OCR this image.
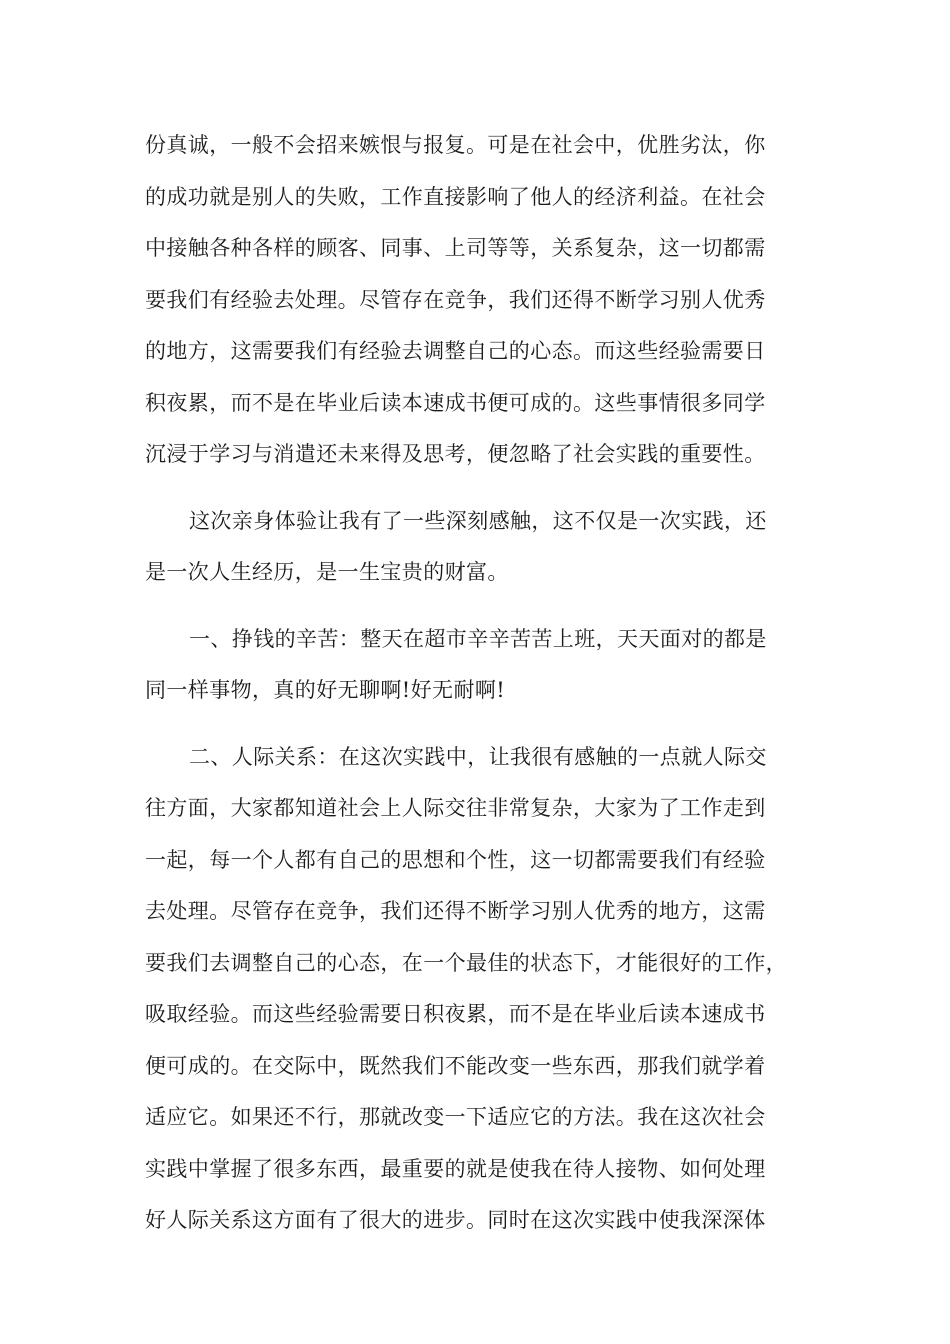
份真诚，一般不会招来嫉恨与报复。可是在社会中，优胜劣汰，你
的成功就是别人的失败，工作直接影响了他人的经济利益。在社会
中接触各种各样的顾客、同事、上司等等，关系复杂，这一切都需
要我们有经验去处理。尽管存在竞争，我们还得不断学习别人优秀
的地方，这需要我们有经验去调整自己的心态。而这些经验需要日
积夜累，而不是在毕业后读本速成书便可成的。这些事情很多同学
沉浸于学习与消遣还未来得及思考，便忽略了社会实践的重要性。
这次亲身体验让我有了一些深刻感触，这不仅是一次实践，还
是一次人生经历，是一生宝贵的财富。
一、挣钱的辛苦：整天在超市辛辛苦苦上班，天天面对的都是
同一样事物，真的好无聊啊!好无耐啊!
二、人际关系：在这次实践中，让我很有感触的一点就人际交
往方面，大家都知道社会上人际交往非常复杂，大家为了工作走到
一起，每一个人都有自己的思想和个性，这一切都需要我们有经验
去处理。尽管存在竞争，我们还得不断学习别人优秀的地方，这需
要我们去调整自己的心态，在一个最佳的状态下，才能很好的工作，
吸取经验。而这些经验需要日积夜累，而不是在毕业后读本速成书
便可成的。在交际中，既然我们不能改变一些东西，那我们就学着
适应它。如果还不行，那就改变一下适应它的方法。我在这次社会
实践中掌握了很多东西，最重要的就是使我在待人接物、如何处理
好人际关系这方面有了很大的进步。同时在这次实践中使我深深体
